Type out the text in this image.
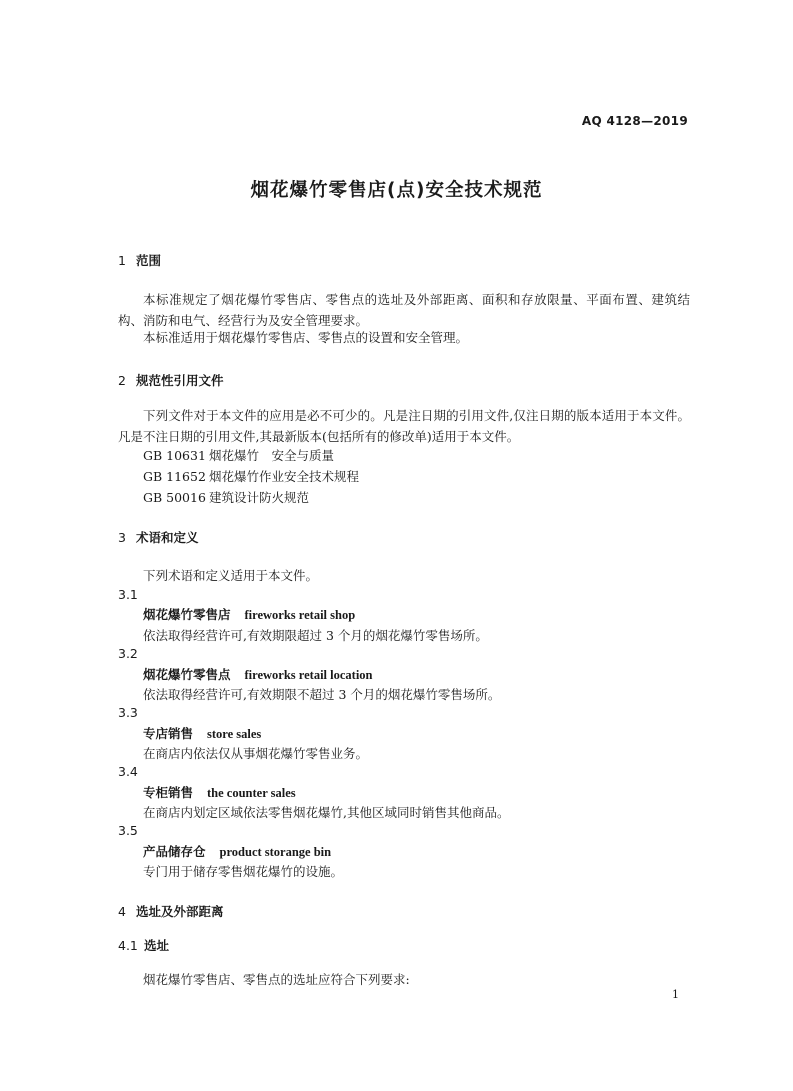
AQ 4128—2019
烟花爆竹零售店(点)安全技术规范
1 范围
本标准规定了烟花爆竹零售店、零售点的选址及外部距离、面积和存放限量、平面布置、建筑结构、消防和电气、经营行为及安全管理要求。
本标准适用于烟花爆竹零售店、零售点的设置和安全管理。
2 规范性引用文件
下列文件对于本文件的应用是必不可少的。凡是注日期的引用文件,仅注日期的版本适用于本文件。凡是不注日期的引用文件,其最新版本(包括所有的修改单)适用于本文件。
GB 10631 烟花爆竹　安全与质量
GB 11652 烟花爆竹作业安全技术规程
GB 50016 建筑设计防火规范
3 术语和定义
下列术语和定义适用于本文件。
3.1
烟花爆竹零售店 fireworks retail shop
依法取得经营许可,有效期限超过 3 个月的烟花爆竹零售场所。
3.2
烟花爆竹零售点 fireworks retail location
依法取得经营许可,有效期限不超过 3 个月的烟花爆竹零售场所。
3.3
专店销售 store sales
在商店内依法仅从事烟花爆竹零售业务。
3.4
专柜销售 the counter sales
在商店内划定区域依法零售烟花爆竹,其他区域同时销售其他商品。
3.5
产品储存仓 product storange bin
专门用于储存零售烟花爆竹的设施。
4 选址及外部距离
4.1 选址
烟花爆竹零售店、零售点的选址应符合下列要求:
1
